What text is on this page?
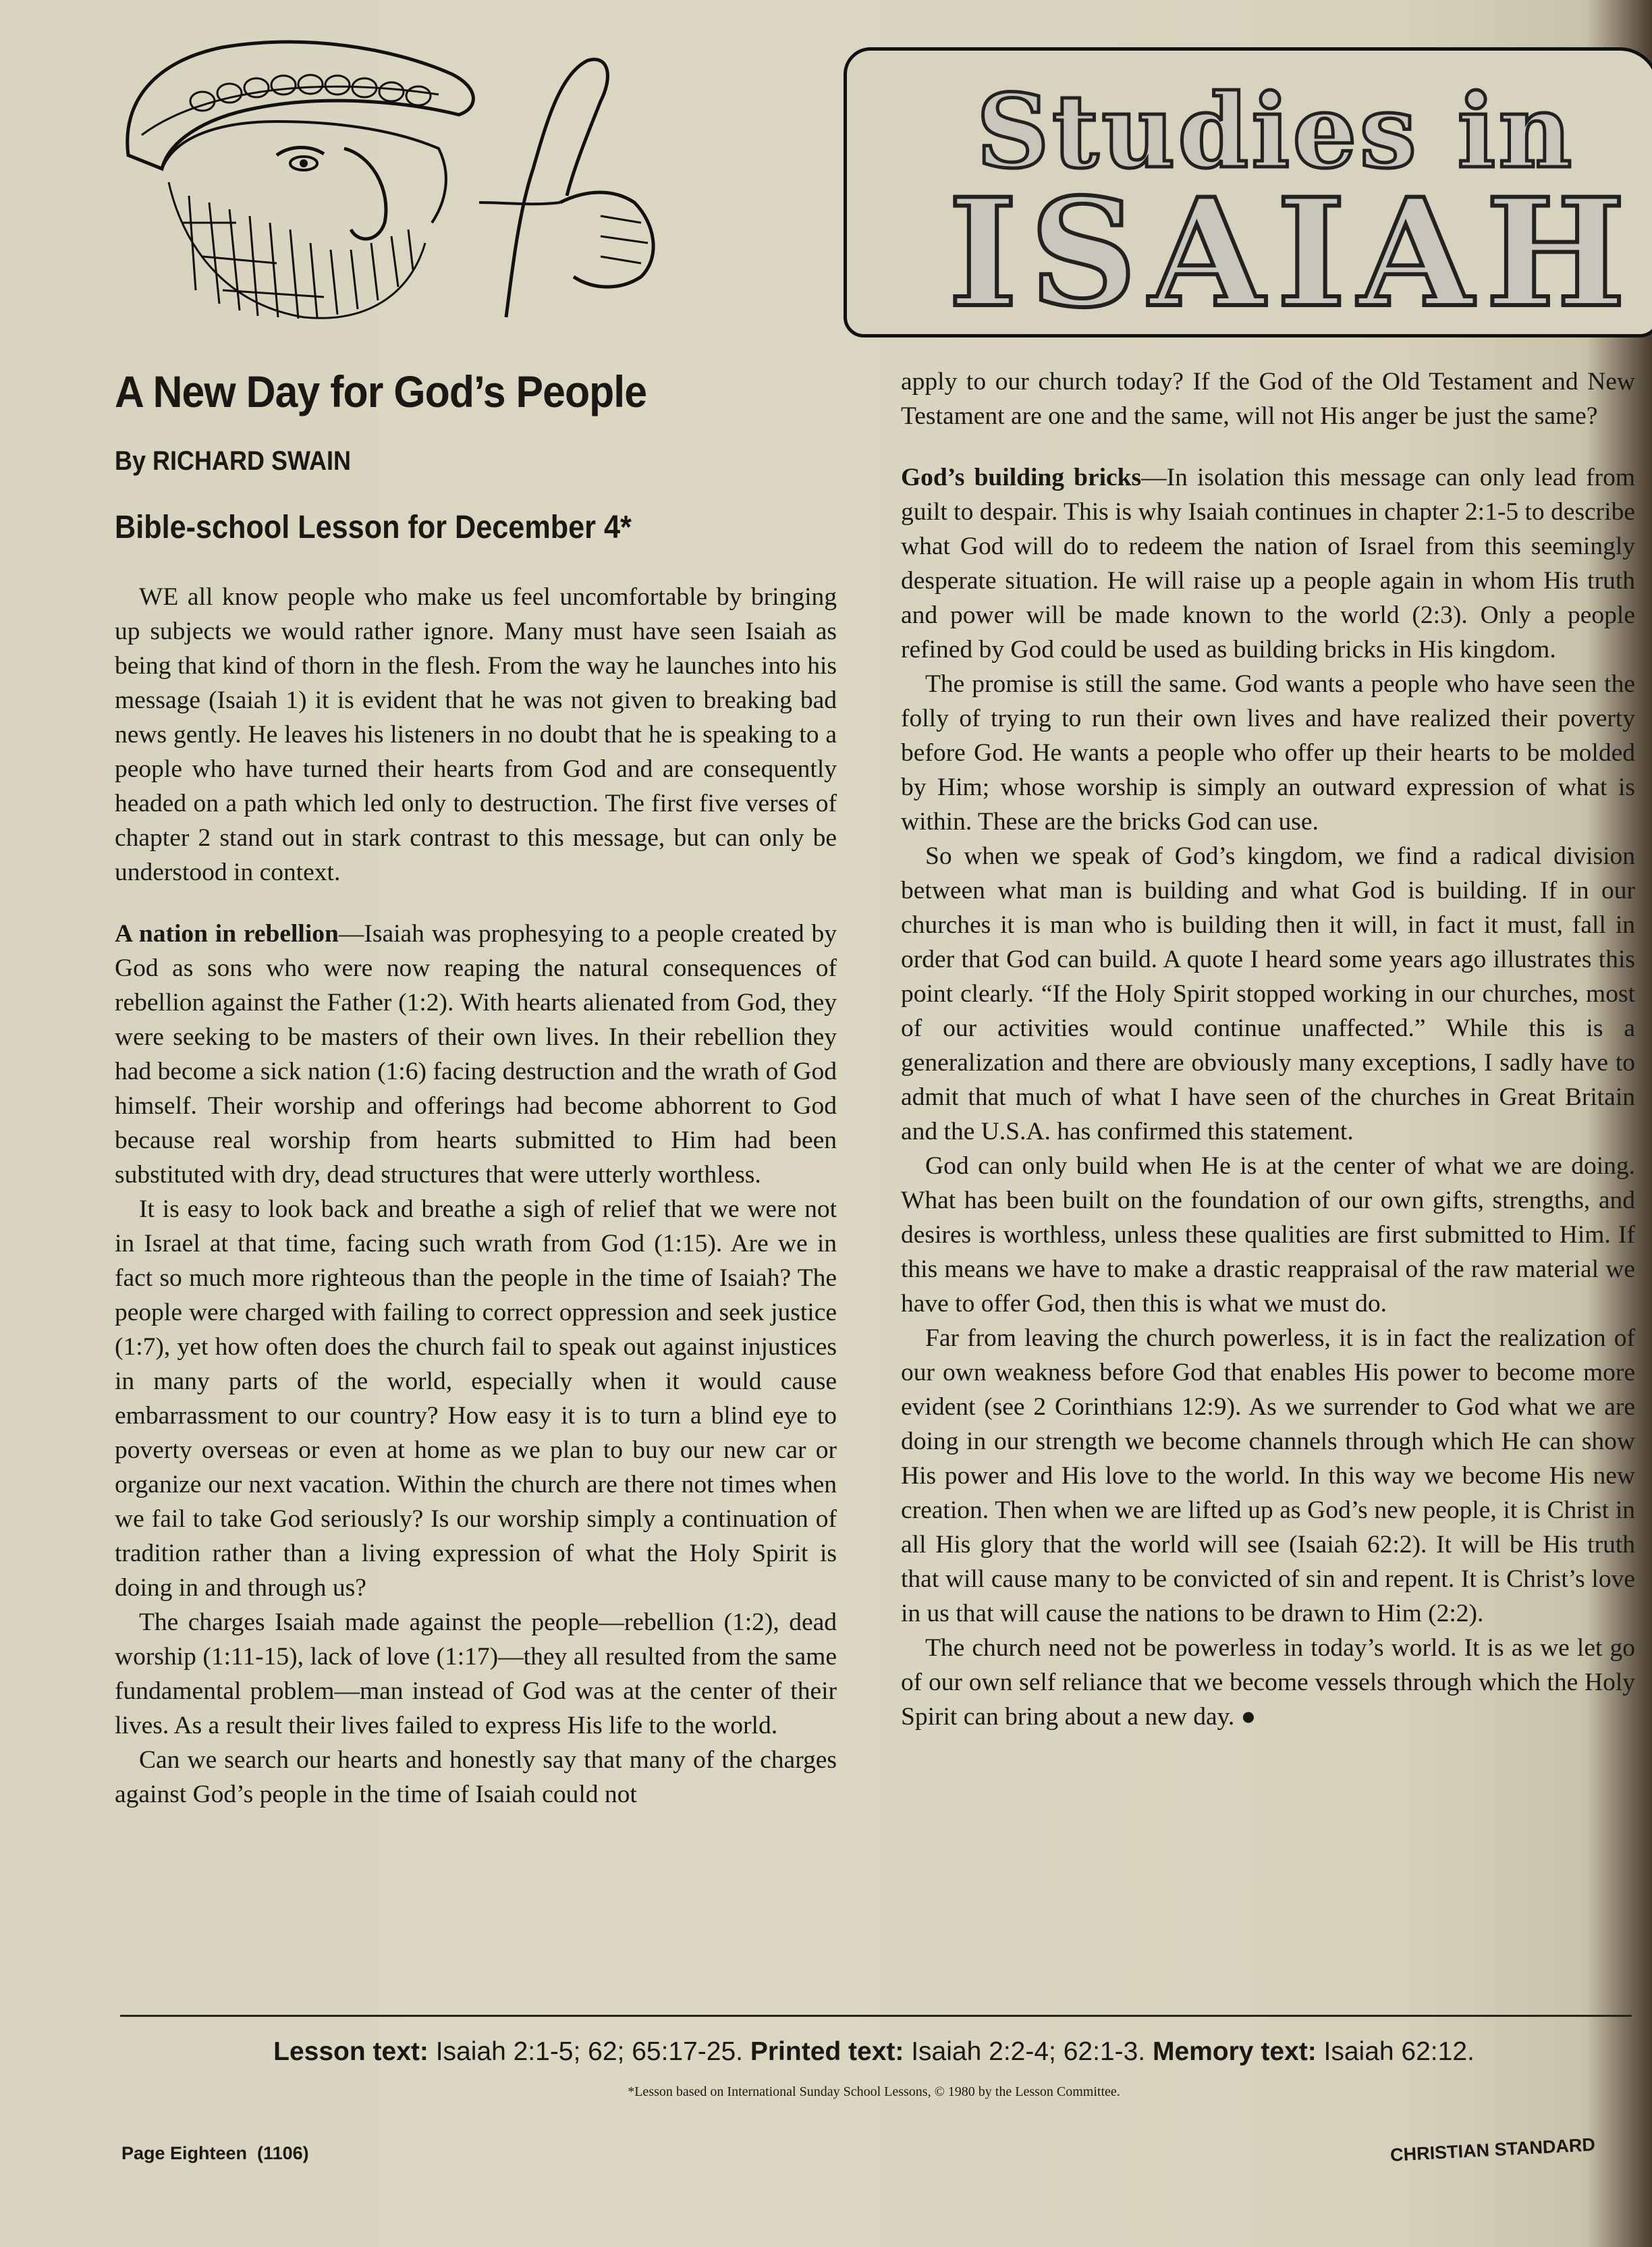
Studies in
ISAIAH
A New Day for God’s People
By RICHARD SWAIN
Bible-school Lesson for December 4*

WE all know people who make us feel uncomfortable by bringing up subjects we would rather ignore. Many must have seen Isaiah as being that kind of thorn in the flesh. From the way he launches into his message (Isaiah 1) it is evident that he was not given to breaking bad news gently. He leaves his listeners in no doubt that he is speaking to a people who have turned their hearts from God and are consequently headed on a path which led only to destruction. The first five verses of chapter 2 stand out in stark contrast to this message, but can only be understood in context.

A nation in rebellion—Isaiah was prophesying to a people created by God as sons who were now reaping the natural consequences of rebellion against the Father (1:2). With hearts alienated from God, they were seeking to be masters of their own lives. In their rebellion they had become a sick nation (1:6) facing destruction and the wrath of God himself. Their worship and offerings had become abhorrent to God because real worship from hearts submitted to Him had been substituted with dry, dead structures that were utterly worthless.

It is easy to look back and breathe a sigh of relief that we were not in Israel at that time, facing such wrath from God (1:15). Are we in fact so much more righteous than the people in the time of Isaiah? The people were charged with failing to correct oppression and seek justice (1:7), yet how often does the church fail to speak out against injustices in many parts of the world, especially when it would cause embarrassment to our country? How easy it is to turn a blind eye to poverty overseas or even at home as we plan to buy our new car or organize our next vacation. Within the church are there not times when we fail to take God seriously? Is our worship simply a continuation of tradition rather than a living expression of what the Holy Spirit is doing in and through us?

The charges Isaiah made against the people—rebellion (1:2), dead worship (1:11-15), lack of love (1:17)—they all resulted from the same fundamental problem—man instead of God was at the center of their lives. As a result their lives failed to express His life to the world.

Can we search our hearts and honestly say that many of the charges against God’s people in the time of Isaiah could not

apply to our church today? If the God of the Old Testament and New Testament are one and the same, will not His anger be just the same?

God’s building bricks—In isolation this message can only lead from guilt to despair. This is why Isaiah continues in chapter 2:1-5 to describe what God will do to redeem the nation of Israel from this seemingly desperate situation. He will raise up a people again in whom His truth and power will be made known to the world (2:3). Only a people refined by God could be used as building bricks in His kingdom.

The promise is still the same. God wants a people who have seen the folly of trying to run their own lives and have realized their poverty before God. He wants a people who offer up their hearts to be molded by Him; whose worship is simply an outward expression of what is within. These are the bricks God can use.

So when we speak of God’s kingdom, we find a radical division between what man is building and what God is building. If in our churches it is man who is building then it will, in fact it must, fall in order that God can build. A quote I heard some years ago illustrates this point clearly. “If the Holy Spirit stopped working in our churches, most of our activities would continue unaffected.” While this is a generalization and there are obviously many exceptions, I sadly have to admit that much of what I have seen of the churches in Great Britain and the U.S.A. has confirmed this statement.

God can only build when He is at the center of what we are doing. What has been built on the foundation of our own gifts, strengths, and desires is worthless, unless these qualities are first submitted to Him. If this means we have to make a drastic reappraisal of the raw material we have to offer God, then this is what we must do.

Far from leaving the church powerless, it is in fact the realization of our own weakness before God that enables His power to become more evident (see 2 Corinthians 12:9). As we surrender to God what we are doing in our strength we become channels through which He can show His power and His love to the world. In this way we become His new creation. Then when we are lifted up as God’s new people, it is Christ in all His glory that the world will see (Isaiah 62:2). It will be His truth that will cause many to be convicted of sin and repent. It is Christ’s love in us that will cause the nations to be drawn to Him (2:2).

The church need not be powerless in today’s world. It is as we let go of our own self reliance that we become vessels through which the Holy Spirit can bring about a new day. ●

Lesson text: Isaiah 2:1-5; 62; 65:17-25. Printed text: Isaiah 2:2-4; 62:1-3. Memory text: Isaiah 62:12.
*Lesson based on International Sunday School Lessons, © 1980 by the Lesson Committee.
Page Eighteen  (1106)	CHRISTIAN STANDARD
